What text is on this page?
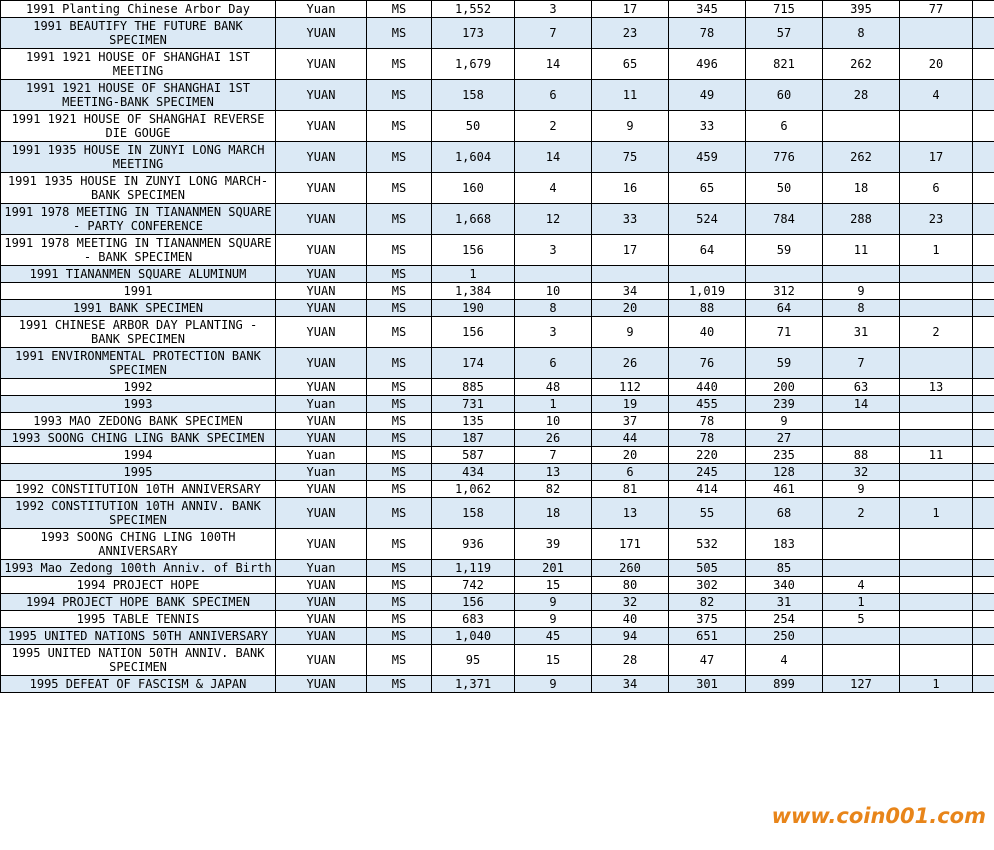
1991 Planting Chinese Arbor Day	Yuan	MS	1,552	3	17	345	715	395	77	
1991 BEAUTIFY THE FUTURE BANK SPECIMEN	YUAN	MS	173	7	23	78	57	8		
1991 1921 HOUSE OF SHANGHAI 1ST MEETING	YUAN	MS	1,679	14	65	496	821	262	20	
1991 1921 HOUSE OF SHANGHAI 1ST MEETING-BANK SPECIMEN	YUAN	MS	158	6	11	49	60	28	4	
1991 1921 HOUSE OF SHANGHAI REVERSE DIE GOUGE	YUAN	MS	50	2	9	33	6			
1991 1935 HOUSE IN ZUNYI LONG MARCH MEETING	YUAN	MS	1,604	14	75	459	776	262	17	
1991 1935 HOUSE IN ZUNYI LONG MARCH-BANK SPECIMEN	YUAN	MS	160	4	16	65	50	18	6	
1991 1978 MEETING IN TIANANMEN SQUARE - PARTY CONFERENCE	YUAN	MS	1,668	12	33	524	784	288	23	
1991 1978 MEETING IN TIANANMEN SQUARE - BANK SPECIMEN	YUAN	MS	156	3	17	64	59	11	1	
1991 TIANANMEN SQUARE ALUMINUM	YUAN	MS	1							
1991	YUAN	MS	1,384	10	34	1,019	312	9		
1991 BANK SPECIMEN	YUAN	MS	190	8	20	88	64	8		
1991 CHINESE ARBOR DAY PLANTING - BANK SPECIMEN	YUAN	MS	156	3	9	40	71	31	2	
1991 ENVIRONMENTAL PROTECTION BANK SPECIMEN	YUAN	MS	174	6	26	76	59	7		
1992	YUAN	MS	885	48	112	440	200	63	13	
1993	Yuan	MS	731	1	19	455	239	14		
1993 MAO ZEDONG BANK SPECIMEN	YUAN	MS	135	10	37	78	9			
1993 SOONG CHING LING BANK SPECIMEN	YUAN	MS	187	26	44	78	27			
1994	Yuan	MS	587	7	20	220	235	88	11	
1995	Yuan	MS	434	13	6	245	128	32		
1992 CONSTITUTION 10TH ANNIVERSARY	YUAN	MS	1,062	82	81	414	461	9		
1992 CONSTITUTION 10TH ANNIV. BANK SPECIMEN	YUAN	MS	158	18	13	55	68	2	1	
1993 SOONG CHING LING 100TH ANNIVERSARY	YUAN	MS	936	39	171	532	183			
1993 Mao Zedong 100th Anniv. of Birth	Yuan	MS	1,119	201	260	505	85			
1994 PROJECT HOPE	YUAN	MS	742	15	80	302	340	4		
1994 PROJECT HOPE BANK SPECIMEN	YUAN	MS	156	9	32	82	31	1		
1995 TABLE TENNIS	YUAN	MS	683	9	40	375	254	5		
1995 UNITED NATIONS 50TH ANNIVERSARY	YUAN	MS	1,040	45	94	651	250			
1995 UNITED NATION 50TH ANNIV. BANK SPECIMEN	YUAN	MS	95	15	28	47	4			
1995 DEFEAT OF FASCISM & JAPAN	YUAN	MS	1,371	9	34	301	899	127	1	
www.coin001.com
